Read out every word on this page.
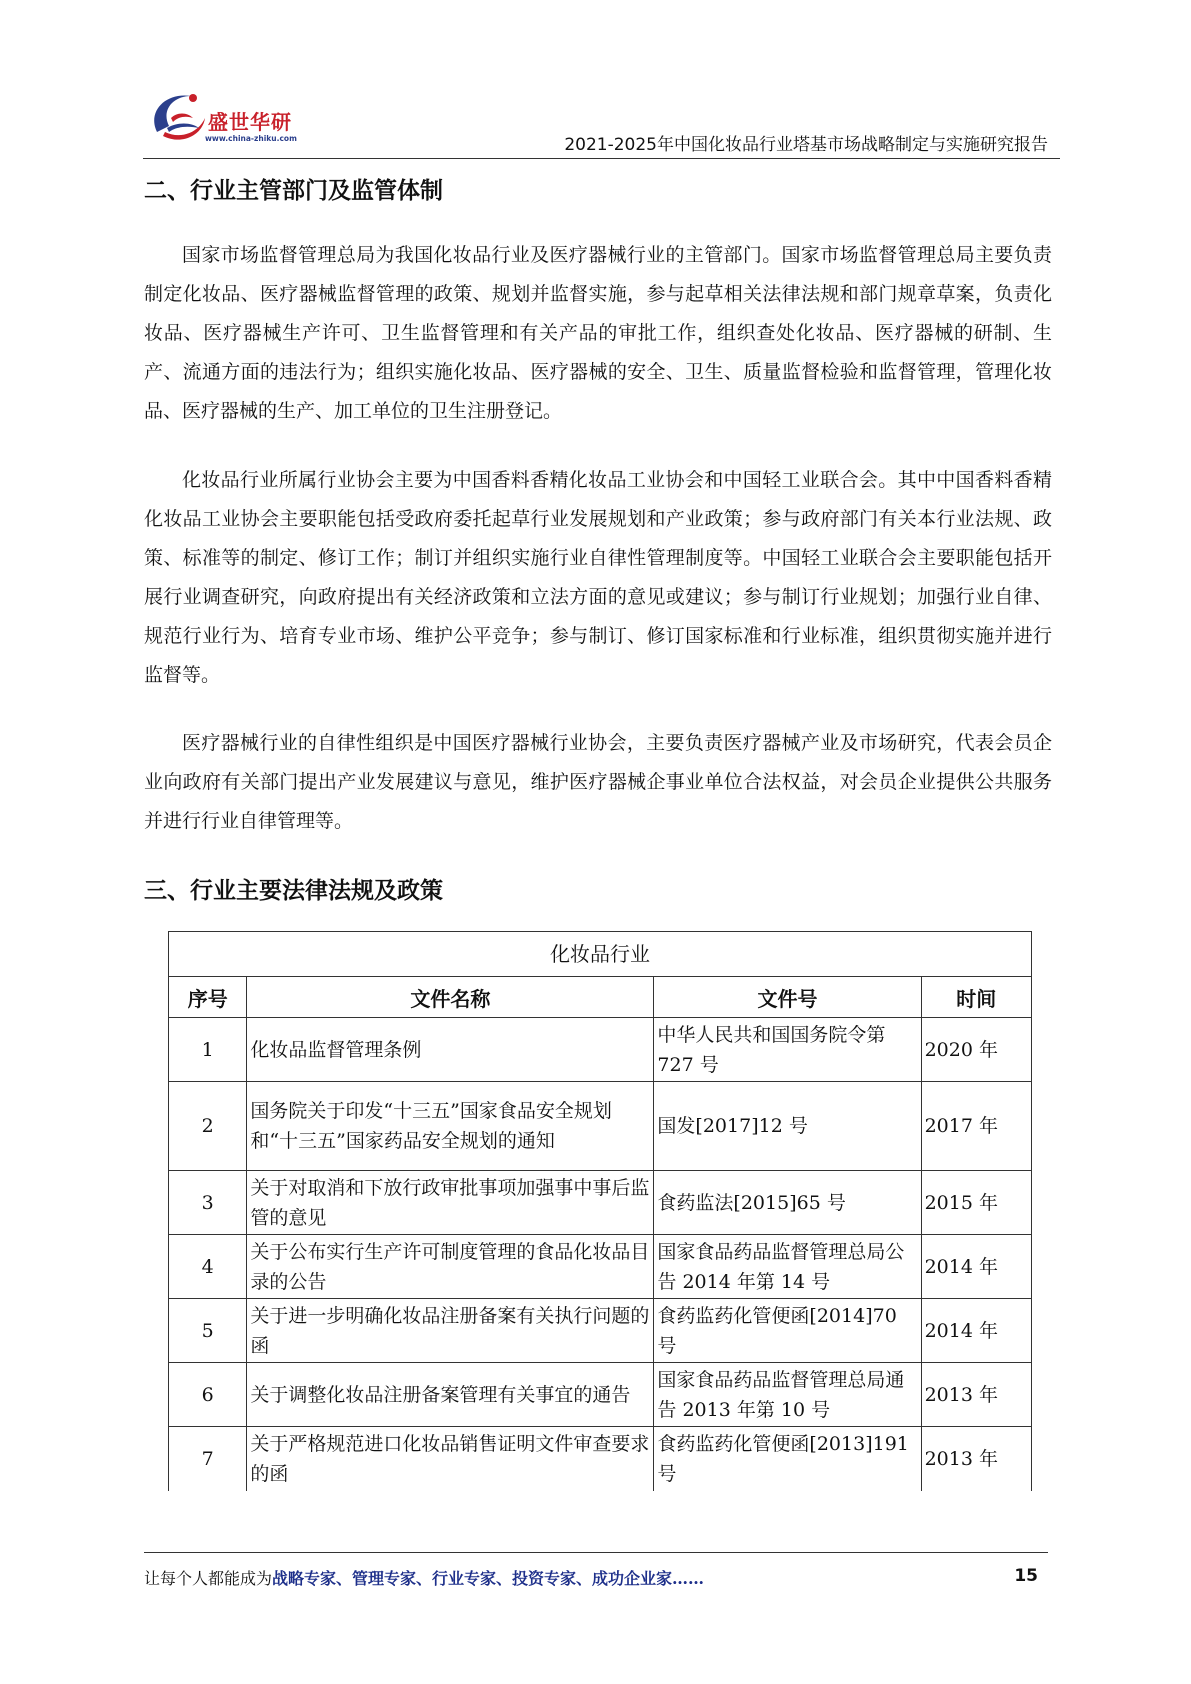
盛世华研
www.china-zhiku.com	2021-2025年中国化妆品行业塔基市场战略制定与实施研究报告
二、行业主管部门及监管体制

国家市场监督管理总局为我国化妆品行业及医疗器械行业的主管部门。国家市场监督管理总局主要负责制定化妆品、医疗器械监督管理的政策、规划并监督实施，参与起草相关法律法规和部门规章草案，负责化妆品、医疗器械生产许可、卫生监督管理和有关产品的审批工作，组织查处化妆品、医疗器械的研制、生产、流通方面的违法行为；组织实施化妆品、医疗器械的安全、卫生、质量监督检验和监督管理，管理化妆品、医疗器械的生产、加工单位的卫生注册登记。

化妆品行业所属行业协会主要为中国香料香精化妆品工业协会和中国轻工业联合会。其中中国香料香精化妆品工业协会主要职能包括受政府委托起草行业发展规划和产业政策；参与政府部门有关本行业法规、政策、标准等的制定、修订工作；制订并组织实施行业自律性管理制度等。中国轻工业联合会主要职能包括开展行业调查研究，向政府提出有关经济政策和立法方面的意见或建议；参与制订行业规划；加强行业自律、规范行业行为、培育专业市场、维护公平竞争；参与制订、修订国家标准和行业标准，组织贯彻实施并进行监督等。

医疗器械行业的自律性组织是中国医疗器械行业协会，主要负责医疗器械产业及市场研究，代表会员企业向政府有关部门提出产业发展建议与意见，维护医疗器械企事业单位合法权益，对会员企业提供公共服务并进行行业自律管理等。

三、行业主要法律法规及政策
化妆品行业			
序号	文件名称	文件号	时间
1	化妆品监督管理条例	中华人民共和国国务院令第 727 号	2020 年
2	国务院关于印发“十三五”国家食品安全规划和“十三五”国家药品安全规划的通知	国发[2017]12 号	2017 年
3	关于对取消和下放行政审批事项加强事中事后监管的意见	食药监法[2015]65 号	2015 年
4	关于公布实行生产许可制度管理的食品化妆品目录的公告	国家食品药品监督管理总局公告 2014 年第 14 号	2014 年
5	关于进一步明确化妆品注册备案有关执行问题的函	食药监药化管便函[2014]70 号	2014 年
6	关于调整化妆品注册备案管理有关事宜的通告	国家食品药品监督管理总局通告 2013 年第 10 号	2013 年
7	关于严格规范进口化妆品销售证明文件审查要求的函	食药监药化管便函[2013]191 号	2013 年
让每个人都能成为战略专家、管理专家、行业专家、投资专家、成功企业家……	15
